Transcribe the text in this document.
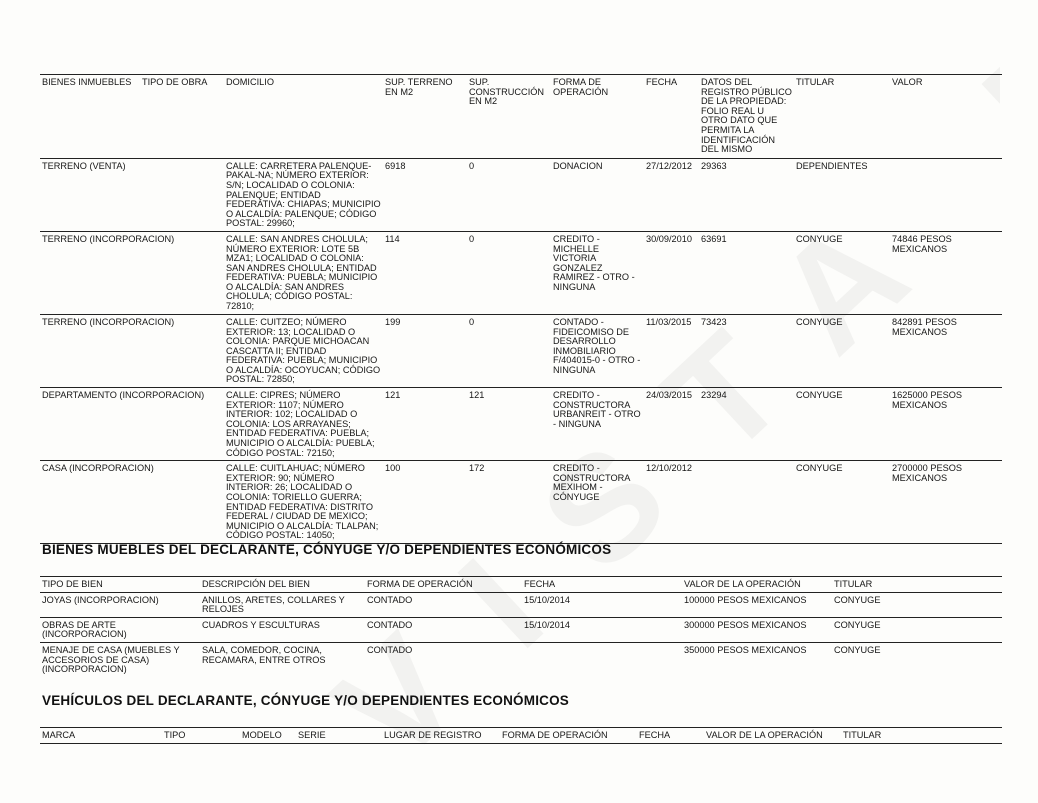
BIENES INMUEBLES	TIPO DE OBRA	DOMICILIO	SUP. TERRENO EN M2	SUP. CONSTRUCCIÓN EN M2	FORMA DE OPERACIÓN	FECHA	DATOS DEL REGISTRO PÚBLICO DE LA PROPIEDAD: FOLIO REAL U OTRO DATO QUE PERMITA LA IDENTIFICACIÓN DEL MISMO	TITULAR	VALOR
TERRENO (VENTA)		CALLE: CARRETERA PALENQUE-PAKAL-NA; NÚMERO EXTERIOR: S/N; LOCALIDAD O COLONIA: PALENQUE; ENTIDAD FEDERATIVA: CHIAPAS; MUNICIPIO O ALCALDÍA: PALENQUE; CÓDIGO POSTAL: 29960;	6918	0	DONACION	27/12/2012	29363	DEPENDIENTES	
TERRENO (INCORPORACION)		CALLE: SAN ANDRES CHOLULA; NÚMERO EXTERIOR: LOTE 5B MZA1; LOCALIDAD O COLONIA: SAN ANDRES CHOLULA; ENTIDAD FEDERATIVA: PUEBLA; MUNICIPIO O ALCALDÍA: SAN ANDRES CHOLULA; CÓDIGO POSTAL: 72810;	114	0	CREDITO - MICHELLE VICTORIA GONZALEZ RAMIREZ - OTRO - NINGUNA	30/09/2010	63691	CONYUGE	74846 PESOS MEXICANOS
TERRENO (INCORPORACION)		CALLE: CUITZEO; NÚMERO EXTERIOR: 13; LOCALIDAD O COLONIA: PARQUE MICHOACAN CASCATTA II; ENTIDAD FEDERATIVA: PUEBLA; MUNICIPIO O ALCALDÍA: OCOYUCAN; CÓDIGO POSTAL: 72850;	199	0	CONTADO - FIDEICOMISO DE DESARROLLO INMOBILIARIO F/404015-0 - OTRO - NINGUNA	11/03/2015	73423	CONYUGE	842891 PESOS MEXICANOS
DEPARTAMENTO (INCORPORACION)		CALLE: CIPRES; NÚMERO EXTERIOR: 1107; NÚMERO INTERIOR: 102; LOCALIDAD O COLONIA: LOS ARRAYANES; ENTIDAD FEDERATIVA: PUEBLA; MUNICIPIO O ALCALDÍA: PUEBLA; CÓDIGO POSTAL: 72150;	121	121	CREDITO - CONSTRUCTORA URBANREIT - OTRO - NINGUNA	24/03/2015	23294	CONYUGE	1625000 PESOS MEXICANOS
CASA (INCORPORACION)		CALLE: CUITLAHUAC; NÚMERO EXTERIOR: 90; NÚMERO INTERIOR: 26; LOCALIDAD O COLONIA: TORIELLO GUERRA; ENTIDAD FEDERATIVA: DISTRITO FEDERAL / CIUDAD DE MEXICO; MUNICIPIO O ALCALDÍA: TLALPAN; CÓDIGO POSTAL: 14050;	100	172	CREDITO - CONSTRUCTORA MEXIHOM - CÓNYUGE	12/10/2012		CONYUGE	2700000 PESOS MEXICANOS
BIENES MUEBLES DEL DECLARANTE, CÓNYUGE Y/O DEPENDIENTES ECONÓMICOS
TIPO DE BIEN	DESCRIPCIÓN DEL BIEN	FORMA DE OPERACIÓN	FECHA	VALOR DE LA OPERACIÓN	TITULAR
JOYAS (INCORPORACION)	ANILLOS, ARETES, COLLARES Y RELOJES	CONTADO	15/10/2014	100000 PESOS MEXICANOS	CONYUGE
OBRAS DE ARTE (INCORPORACION)	CUADROS Y ESCULTURAS	CONTADO	15/10/2014	300000 PESOS MEXICANOS	CONYUGE
MENAJE DE CASA (MUEBLES Y ACCESORIOS DE CASA) (INCORPORACION)	SALA, COMEDOR, COCINA, RECAMARA, ENTRE OTROS	CONTADO		350000 PESOS MEXICANOS	CONYUGE
VEHÍCULOS DEL DECLARANTE, CÓNYUGE Y/O DEPENDIENTES ECONÓMICOS
MARCA	TIPO	MODELO	SERIE	LUGAR DE REGISTRO	FORMA DE OPERACIÓN	FECHA	VALOR DE LA OPERACIÓN	TITULAR
